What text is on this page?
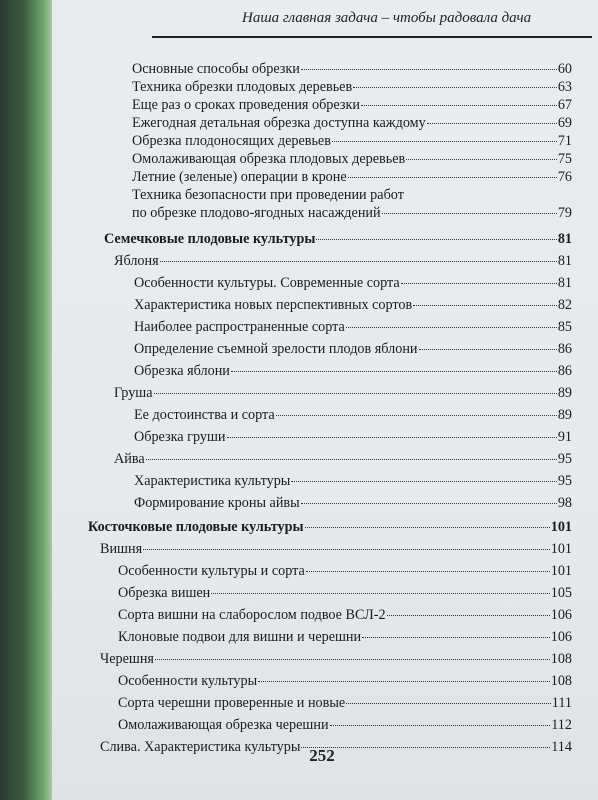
Наша главная задача – чтобы радовала дача
Основные способы обрезки	60
Техника обрезки плодовых деревьев	63
Еще раз о сроках проведения обрезки	67
Ежегодная детальная обрезка доступна каждому	69
Обрезка плодоносящих деревьев	71
Омолаживающая обрезка плодовых деревьев	75
Летние (зеленые) операции в кроне	76
Техника безопасности при проведении работ
по обрезке плодово-ягодных насаждений	79
Семечковые плодовые культуры	81
Яблоня	81
Особенности культуры. Современные сорта	81
Характеристика новых перспективных сортов	82
Наиболее распространенные сорта	85
Определение съемной зрелости плодов яблони	86
Обрезка яблони	86
Груша	89
Ее достоинства и сорта	89
Обрезка груши	91
Айва	95
Характеристика культуры	95
Формирование кроны айвы	98
Косточковые плодовые культуры	101
Вишня	101
Особенности культуры и сорта	101
Обрезка вишен	105
Сорта вишни на слаборослом подвое ВСЛ-2	106
Клоновые подвои для вишни и черешни	106
Черешня	108
Особенности культуры	108
Сорта черешни проверенные и новые	111
Омолаживающая обрезка черешни	112
Слива. Характеристика культуры	114
252
